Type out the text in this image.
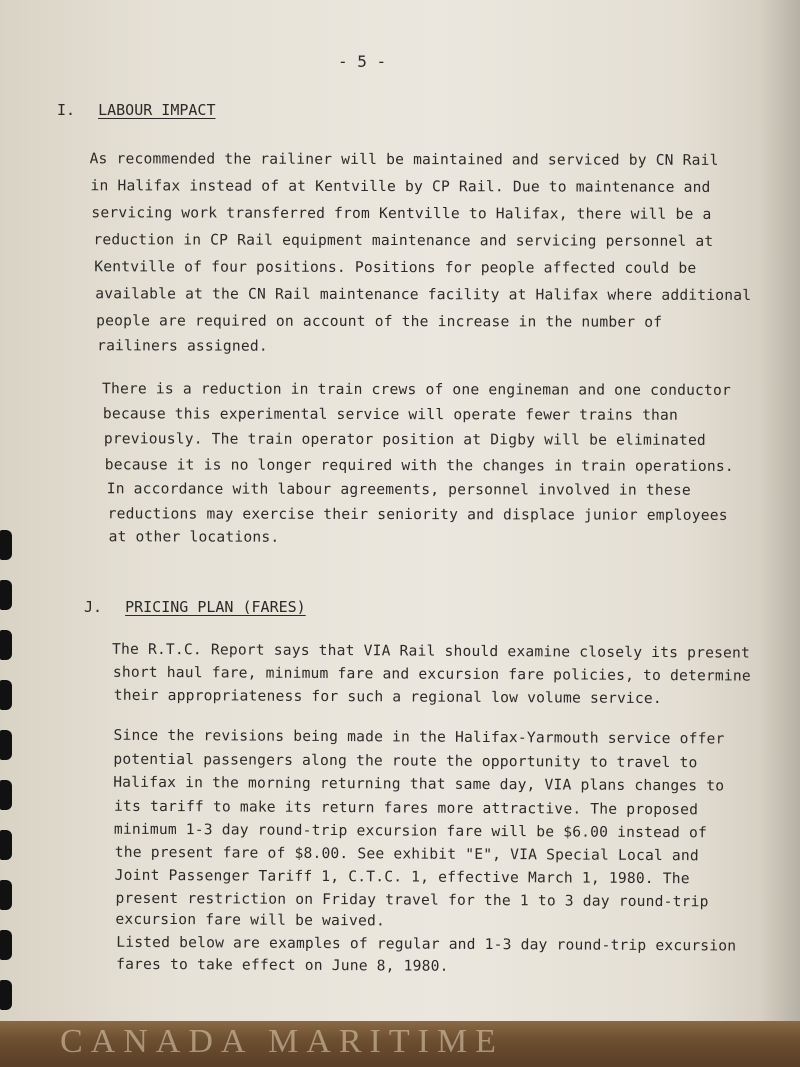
- 5 -
I. LABOUR IMPACT
As recommended the railiner will be maintained and serviced by CN Rail
in Halifax instead of at Kentville by CP Rail. Due to maintenance and
servicing work transferred from Kentville to Halifax, there will be a
reduction in CP Rail equipment maintenance and servicing personnel at
Kentville of four positions. Positions for people affected could be
available at the CN Rail maintenance facility at Halifax where additional
people are required on account of the increase in the number of
railiners assigned.
There is a reduction in train crews of one engineman and one conductor
because this experimental service will operate fewer trains than
previously. The train operator position at Digby will be eliminated
because it is no longer required with the changes in train operations.
In accordance with labour agreements, personnel involved in these
reductions may exercise their seniority and displace junior employees
at other locations.
J. PRICING PLAN (FARES)
The R.T.C. Report says that VIA Rail should examine closely its present
short haul fare, minimum fare and excursion fare policies, to determine
their appropriateness for such a regional low volume service.
Since the revisions being made in the Halifax-Yarmouth service offer
potential passengers along the route the opportunity to travel to
Halifax in the morning returning that same day, VIA plans changes to
its tariff to make its return fares more attractive. The proposed
minimum 1-3 day round-trip excursion fare will be $6.00 instead of
the present fare of $8.00. See exhibit "E", VIA Special Local and
Joint Passenger Tariff 1, C.T.C. 1, effective March 1, 1980. The
present restriction on Friday travel for the 1 to 3 day round-trip
excursion fare will be waived.
Listed below are examples of regular and 1-3 day round-trip excursion
fares to take effect on June 8, 1980.
CANADA MARITIME
